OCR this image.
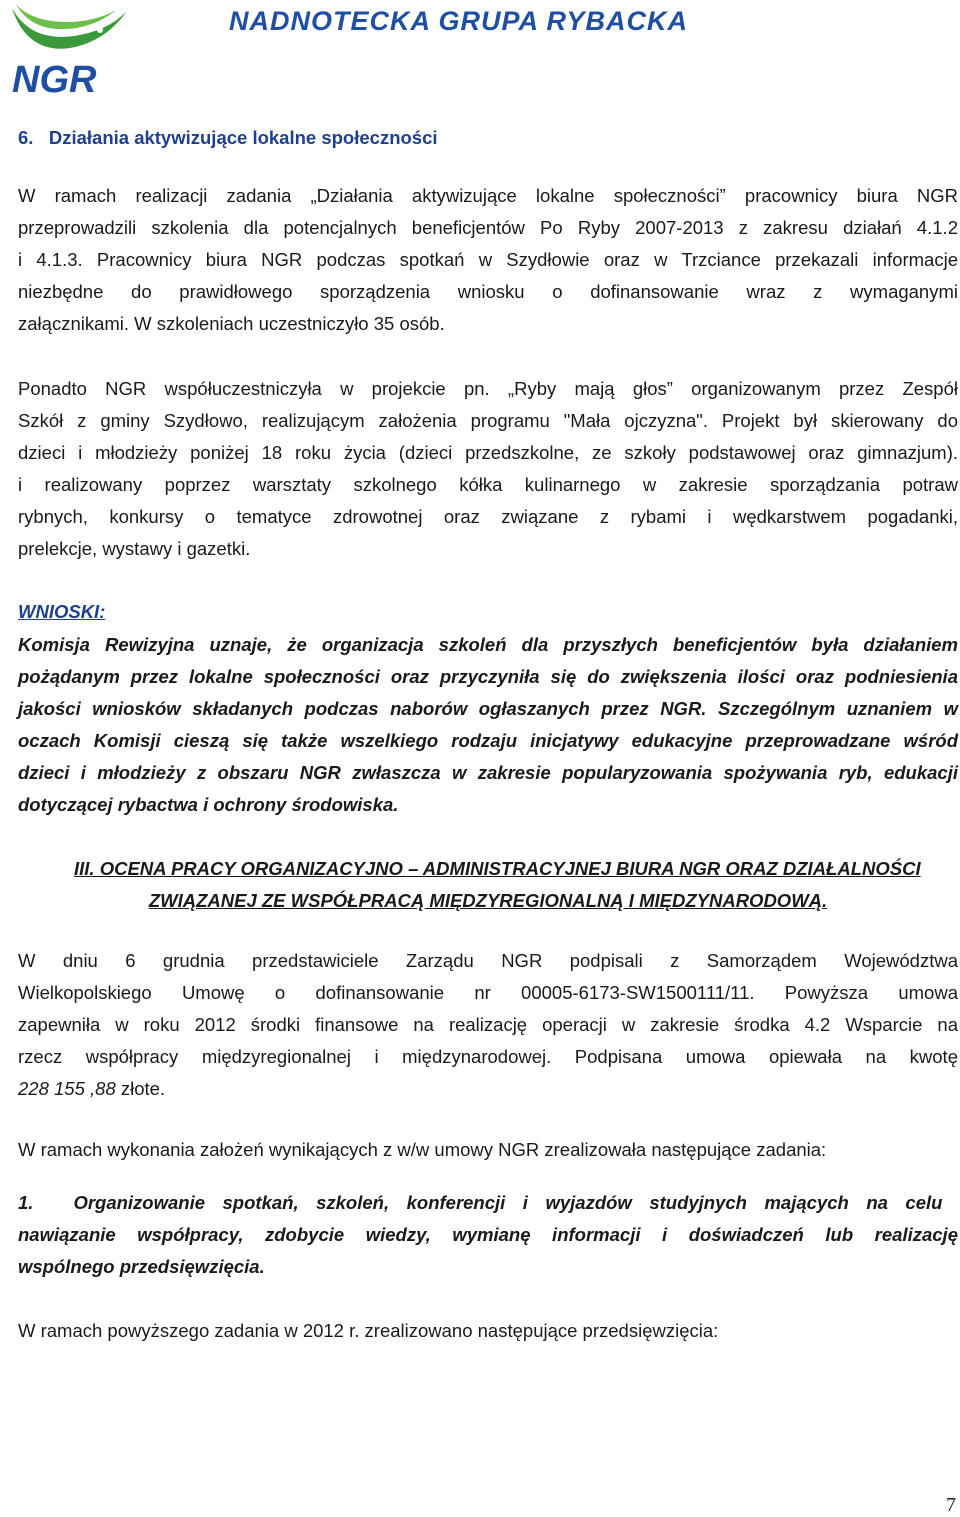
NGR
NADNOTECKA GRUPA RYBACKA
6. Działania aktywizujące lokalne społeczności
W ramach realizacji zadania „Działania aktywizujące lokalne społeczności” pracownicy biura NGR
przeprowadzili szkolenia dla potencjalnych beneficjentów Po Ryby 2007-2013 z zakresu działań 4.1.2
i 4.1.3. Pracownicy biura NGR podczas spotkań w Szydłowie oraz w Trzciance przekazali informacje
niezbędne do prawidłowego sporządzenia wniosku o dofinansowanie wraz z wymaganymi
załącznikami. W szkoleniach uczestniczyło 35 osób.
Ponadto NGR współuczestniczyła w projekcie pn. „Ryby mają głos” organizowanym przez Zespół
Szkół z gminy Szydłowo, realizującym założenia programu "Mała ojczyzna". Projekt był skierowany do
dzieci i młodzieży poniżej 18 roku życia (dzieci przedszkolne, ze szkoły podstawowej oraz gimnazjum).
i realizowany poprzez warsztaty szkolnego kółka kulinarnego w zakresie sporządzania potraw
rybnych, konkursy o tematyce zdrowotnej oraz związane z rybami i wędkarstwem pogadanki,
prelekcje, wystawy i gazetki.
WNIOSKI:
Komisja Rewizyjna uznaje, że organizacja szkoleń dla przyszłych beneficjentów była działaniem
pożądanym przez lokalne społeczności oraz przyczyniła się do zwiększenia ilości oraz podniesienia
jakości wniosków składanych podczas naborów ogłaszanych przez NGR. Szczególnym uznaniem w
oczach Komisji cieszą się także wszelkiego rodzaju inicjatywy edukacyjne przeprowadzane wśród
dzieci i młodzieży z obszaru NGR zwłaszcza w zakresie popularyzowania spożywania ryb, edukacji
dotyczącej rybactwa i ochrony środowiska.
III. OCENA PRACY ORGANIZACYJNO – ADMINISTRACYJNEJ BIURA NGR ORAZ DZIAŁALNOŚCI
ZWIĄZANEJ ZE WSPÓŁPRACĄ MIĘDZYREGIONALNĄ I MIĘDZYNARODOWĄ.
W dniu 6 grudnia przedstawiciele Zarządu NGR podpisali z Samorządem Województwa
Wielkopolskiego Umowę o dofinansowanie nr 00005-6173-SW1500111/11. Powyższa umowa
zapewniła w roku 2012 środki finansowe na realizację operacji w zakresie środka 4.2 Wsparcie na
rzecz współpracy międzyregionalnej i międzynarodowej. Podpisana umowa opiewała na kwotę
228 155 ,88 złote.
W ramach wykonania założeń wynikających z w/w umowy NGR zrealizowała następujące zadania:
1. Organizowanie spotkań, szkoleń, konferencji i wyjazdów studyjnych mających na celu
nawiązanie współpracy, zdobycie wiedzy, wymianę informacji i doświadczeń lub realizację
wspólnego przedsięwzięcia.
W ramach powyższego zadania w 2012 r. zrealizowano następujące przedsięwzięcia:
7
